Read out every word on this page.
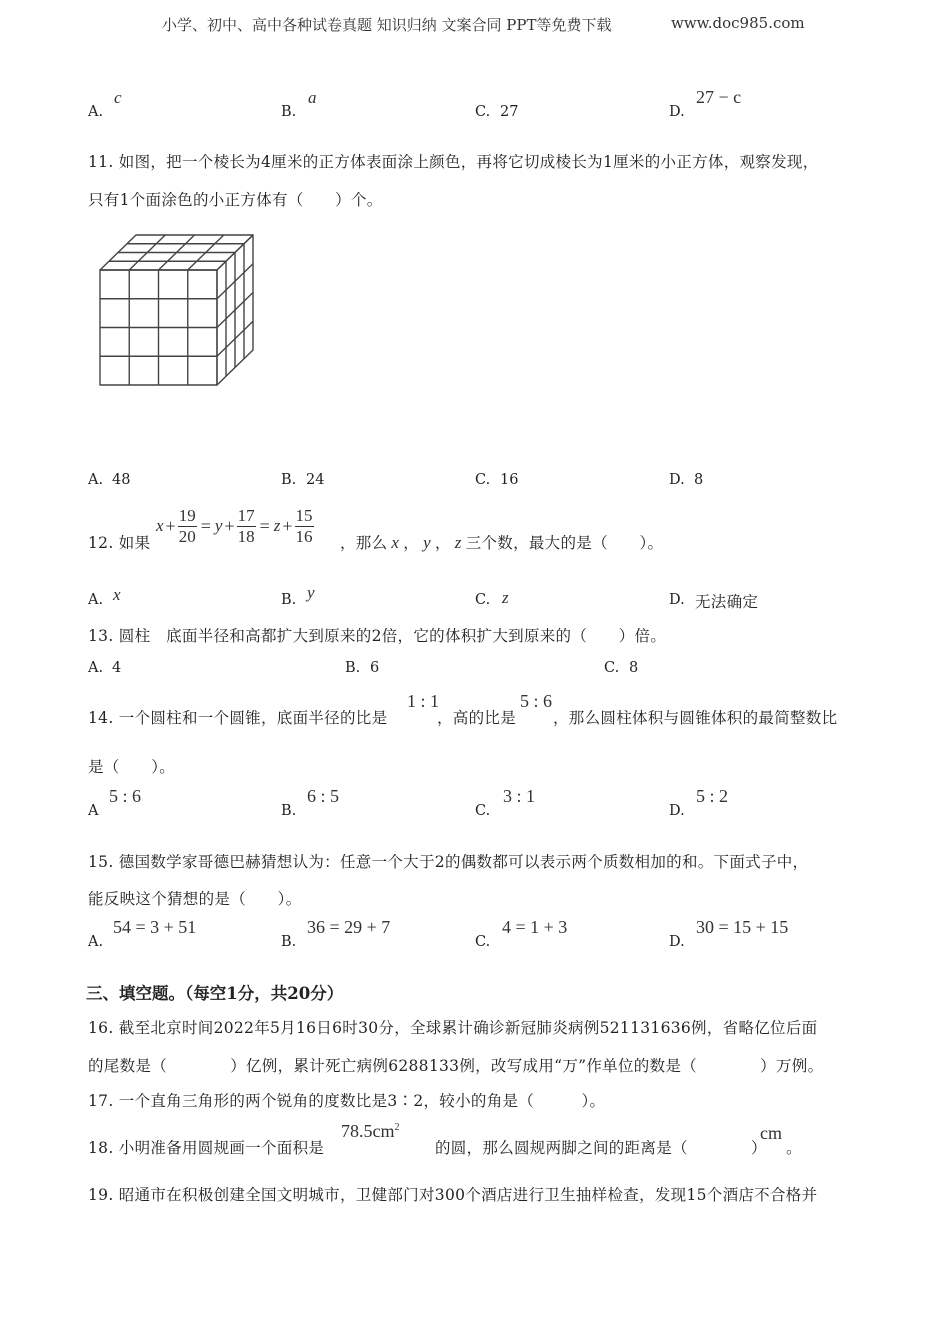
小学、初中、高中各种试卷真题 知识归纳 文案合同 PPT等免费下载	www.doc985.com
A.
c
B.
a
C. 27	D.
27 − c
11. 如图，把一个棱长为4厘米的正方体表面涂上颜色，再将它切成棱长为1厘米的小正方体，观察发现，
只有1个面涂色的小正方体有（　　）个。
A. 48	B. 24	C. 16	D. 8
12. 如果
$x + \frac{19}{20} = y + \frac{17}{18} = z + \frac{15}{16}$ ，那么 x ， y ， z 三个数，最大的是（　　）。
A. x	B. y	C. z	D. 无法确定
13. 圆柱　底面半径和高都扩大到原来的2倍，它的体积扩大到原来的（　　）倍。
A. 4	B. 6	C. 8
14. 一个圆柱和一个圆锥，底面半径的比是
1 : 1
，高的比是
5 : 6
，那么圆柱体积与圆锥体积的最简整数比
是（　　）。
A
5 : 6
B.
6 : 5
C.
3 : 1
D.
5 : 2
15. 德国数学家哥德巴赫猜想认为：任意一个大于2的偶数都可以表示两个质数相加的和。下面式子中，
能反映这个猜想的是（　　）。
A.
54 = 3 + 51
B.
36 = 29 + 7
C.
4 = 1 + 3
D.
30 = 15 + 15
三、填空题。（每空1分，共20分）
16. 截至北京时间2022年5月16日6时30分，全球累计确诊新冠肺炎病例521131636例，省略亿位后面
的尾数是（　　　　）亿例，累计死亡病例6288133例，改写成用“万”作单位的数是（　　　　）万例。
17. 一个直角三角形的两个锐角的度数比是3∶2，较小的角是（　　　）。
18. 小明准备用圆规画一个面积是
$78.5cm^2$
的圆，那么圆规两脚之间的距离是（　　　　）
cm
。
19. 昭通市在积极创建全国文明城市，卫健部门对300个酒店进行卫生抽样检查，发现15个酒店不合格并
